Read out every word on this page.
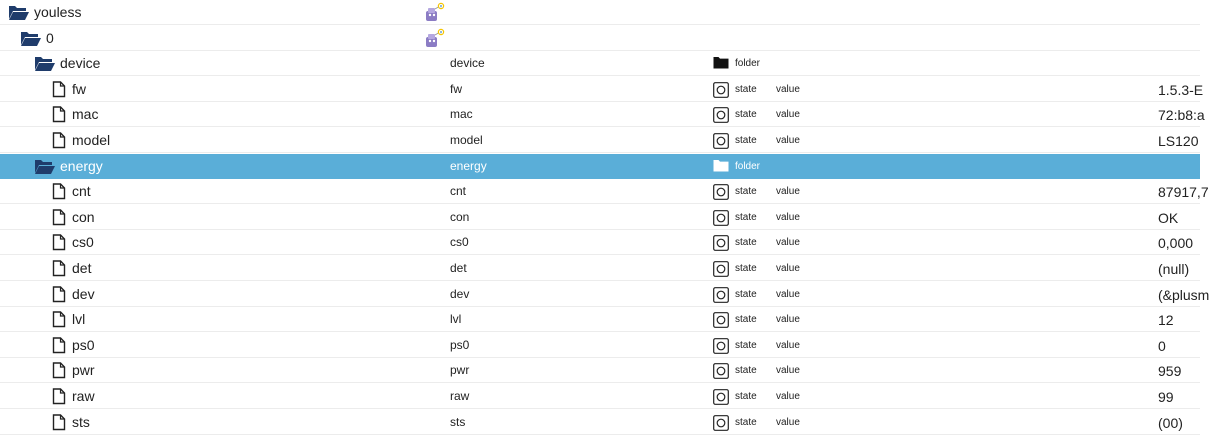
youless
0
device	device	folder
fw	fw	state value	1.5.3-E
mac	mac	state value	72:b8:a
model	model	state value	LS120
energy	energy	folder
cnt	cnt	state value	87917,7
con	con	state value	OK
cs0	cs0	state value	0,000
det	det	state value	(null)
dev	dev	state value	(&plusm
lvl	lvl	state value	12
ps0	ps0	state value	0
pwr	pwr	state value	959
raw	raw	state value	99
sts	sts	state value	(00)
